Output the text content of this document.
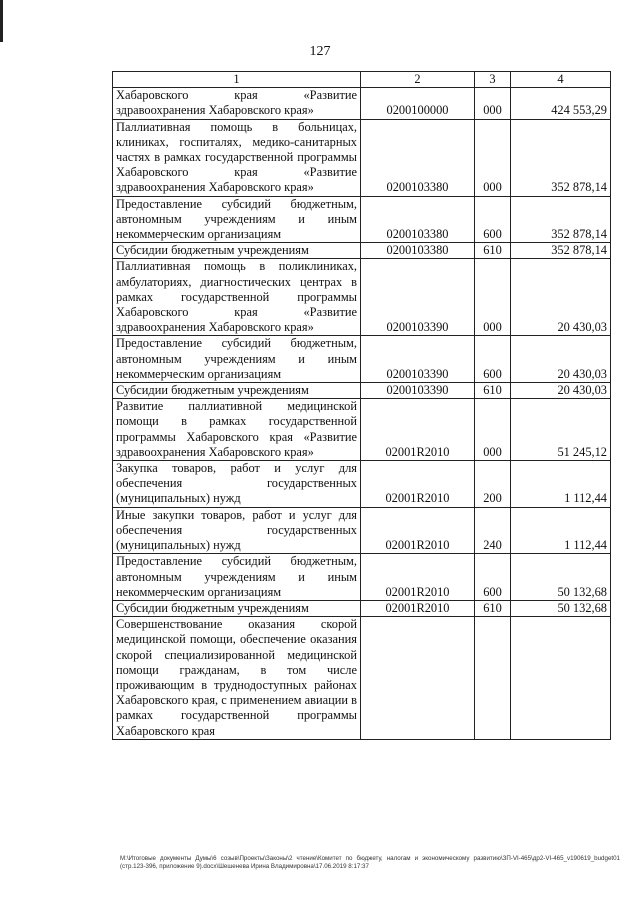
127
1	2	3	4
Хабаровского края «Развитие здравоохранения Хабаровского края»	0200100000	000	424 553,29
Паллиативная помощь в больницах, клиниках, госпиталях, медико-санитарных частях в рамках государственной программы Хабаровского края «Развитие здравоохранения Хабаровского края»	0200103380	000	352 878,14
Предоставление субсидий бюджетным, автономным учреждениям и иным некоммерческим организациям	0200103380	600	352 878,14
Субсидии бюджетным учреждениям	0200103380	610	352 878,14
Паллиативная помощь в поликлиниках, амбулаториях, диагностических центрах в рамках государственной программы Хабаровского края «Развитие здравоохранения Хабаровского края»	0200103390	000	20 430,03
Предоставление субсидий бюджетным, автономным учреждениям и иным некоммерческим организациям	0200103390	600	20 430,03
Субсидии бюджетным учреждениям	0200103390	610	20 430,03
Развитие паллиативной медицинской помощи в рамках государственной программы Хабаровского края «Развитие здравоохранения Хабаровского края»	02001R2010	000	51 245,12
Закупка товаров, работ и услуг для обеспечения государственных (муниципальных) нужд	02001R2010	200	1 112,44
Иные закупки товаров, работ и услуг для обеспечения государственных (муниципальных) нужд	02001R2010	240	1 112,44
Предоставление субсидий бюджетным, автономным учреждениям и иным некоммерческим организациям	02001R2010	600	50 132,68
Субсидии бюджетным учреждениям	02001R2010	610	50 132,68
Совершенствование оказания скорой медицинской помощи, обеспечение оказания скорой специализированной медицинской помощи гражданам, в том числе проживающим в труднодоступных районах Хабаровского края, с применением авиации в рамках государственной программы Хабаровского края			
M:\Итоговые документы Думы\6 созыв\Проекты\Законы\2 чтение\Комитет по бюджету, налогам и экономическому развитию\ЗП-VI-465\др2-VI-465_v190619_budget01 (стр.123-396, приложение 9).docx\Шешенева Ирина Владимировна\17.06.2019 8:17:37
